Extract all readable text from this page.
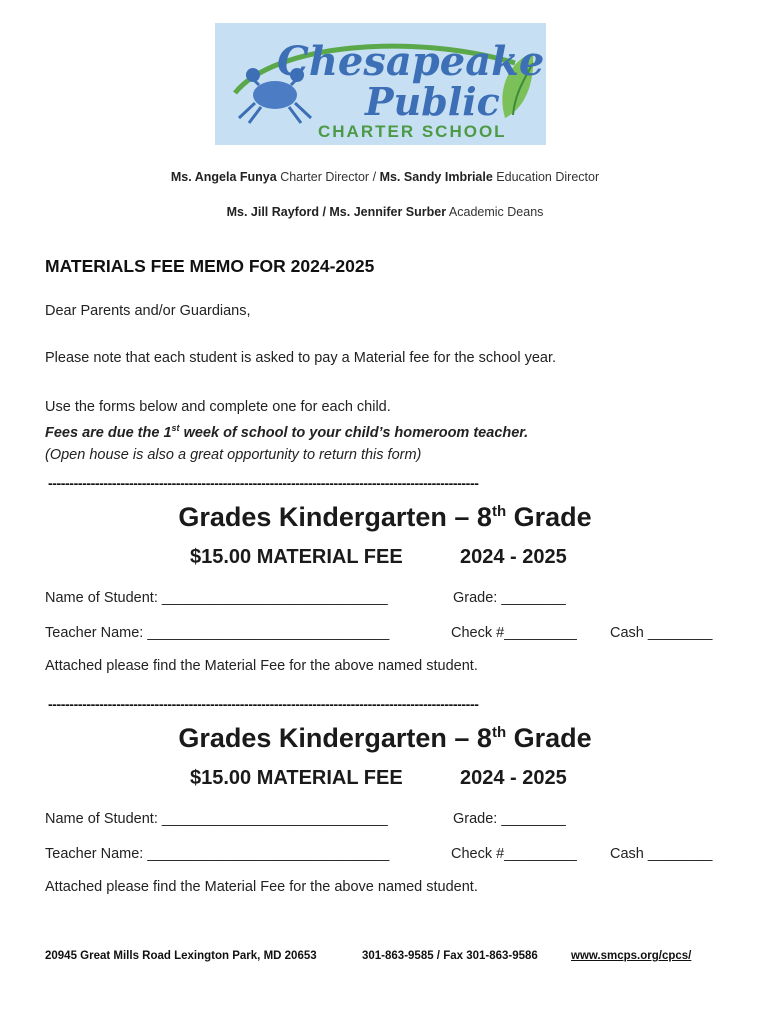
Chesapeake
Public
CHARTER SCHOOL
Ms. Angela Funya Charter Director / Ms. Sandy Imbriale Education Director
Ms. Jill Rayford / Ms. Jennifer Surber Academic Deans
MATERIALS FEE MEMO FOR 2024-2025
Dear Parents and/or Guardians,
Please note that each student is asked to pay a Material fee for the school year.
Use the forms below and complete one for each child.
Fees are due the 1st week of school to your child’s homeroom teacher.
(Open house is also a great opportunity to return this form)
-----------------------------------------------------------------------------------------------------
Grades Kindergarten – 8th Grade
$15.00 MATERIAL FEE	2024 - 2025
Name of Student: ____________________________	Grade: ________
Teacher Name: ______________________________	Check #_________ Cash ________
Attached please find the Material Fee for the above named student.
-----------------------------------------------------------------------------------------------------
Grades Kindergarten – 8th Grade
$15.00 MATERIAL FEE	2024 - 2025
Name of Student: ____________________________	Grade: ________
Teacher Name: ______________________________	Check #_________ Cash ________
Attached please find the Material Fee for the above named student.
20945 Great Mills Road Lexington Park, MD 20653	301-863-9585 / Fax 301-863-9586	www.smcps.org/cpcs/
